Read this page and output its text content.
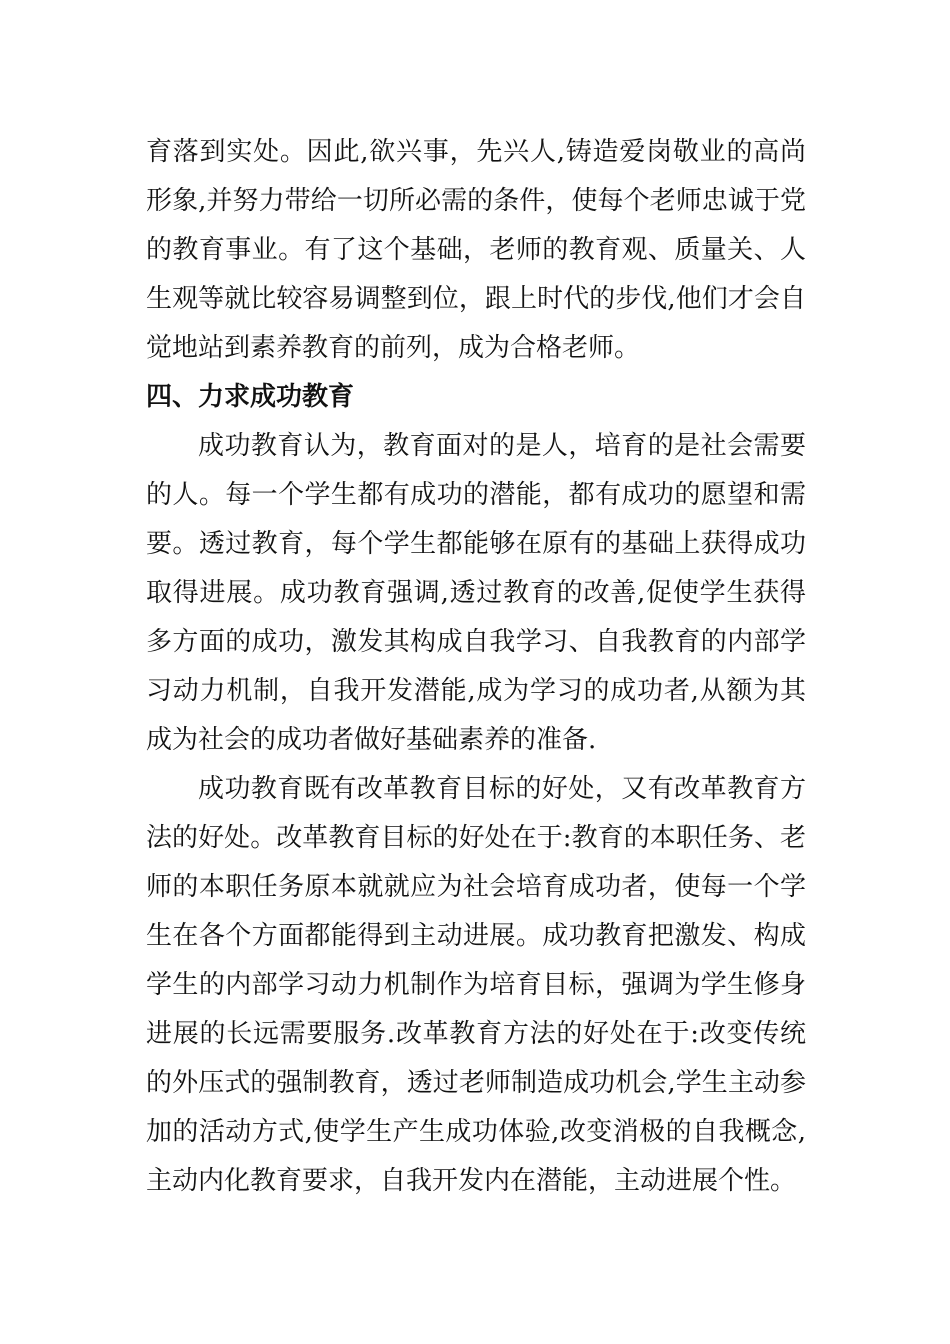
育落到实处。因此,欲兴事，先兴人,铸造爱岗敬业的高尚
形象,并努力带给一切所必需的条件，使每个老师忠诚于党
的教育事业。有了这个基础，老师的教育观、质量关、人
生观等就比较容易调整到位，跟上时代的步伐,他们才会自
觉地站到素养教育的前列，成为合格老师。
四、力求成功教育
成功教育认为，教育面对的是人，培育的是社会需要
的人。每一个学生都有成功的潜能，都有成功的愿望和需
要。透过教育，每个学生都能够在原有的基础上获得成功
取得进展。成功教育强调,透过教育的改善,促使学生获得
多方面的成功，激发其构成自我学习、自我教育的内部学
习动力机制，自我开发潜能,成为学习的成功者,从额为其
成为社会的成功者做好基础素养的准备.
成功教育既有改革教育目标的好处，又有改革教育方
法的好处。改革教育目标的好处在于:教育的本职任务、老
师的本职任务原本就就应为社会培育成功者，使每一个学
生在各个方面都能得到主动进展。成功教育把激发、构成
学生的内部学习动力机制作为培育目标，强调为学生修身
进展的长远需要服务.改革教育方法的好处在于:改变传统
的外压式的强制教育，透过老师制造成功机会,学生主动参
加的活动方式,使学生产生成功体验,改变消极的自我概念,
主动内化教育要求，自我开发内在潜能，主动进展个性。
